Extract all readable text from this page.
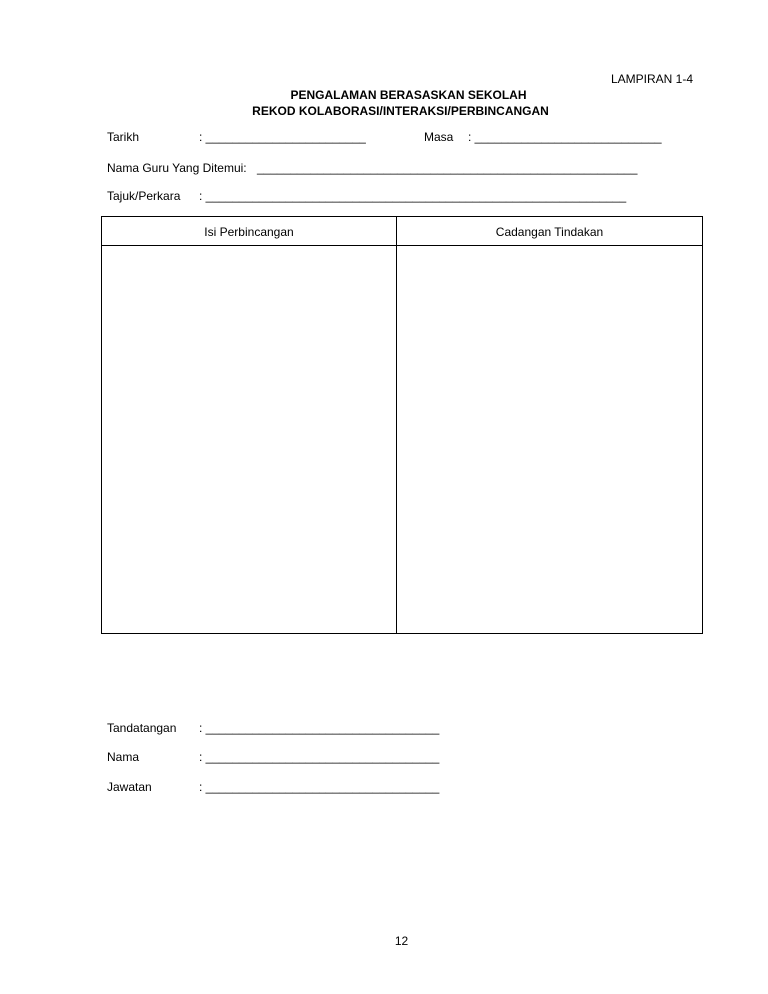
LAMPIRAN 1-4
PENGALAMAN BERASASKAN SEKOLAH
REKOD KOLABORASI/INTERAKSI/PERBINCANGAN
Tarikh	: ________________________	Masa : ____________________________
Nama Guru Yang Ditemui: _________________________________________________________
Tajuk/Perkara : _______________________________________________________________
Isi Perbincangan	Cadangan Tindakan
Tandatangan : ___________________________________
Nama	: ___________________________________
Jawatan	: ___________________________________
12
